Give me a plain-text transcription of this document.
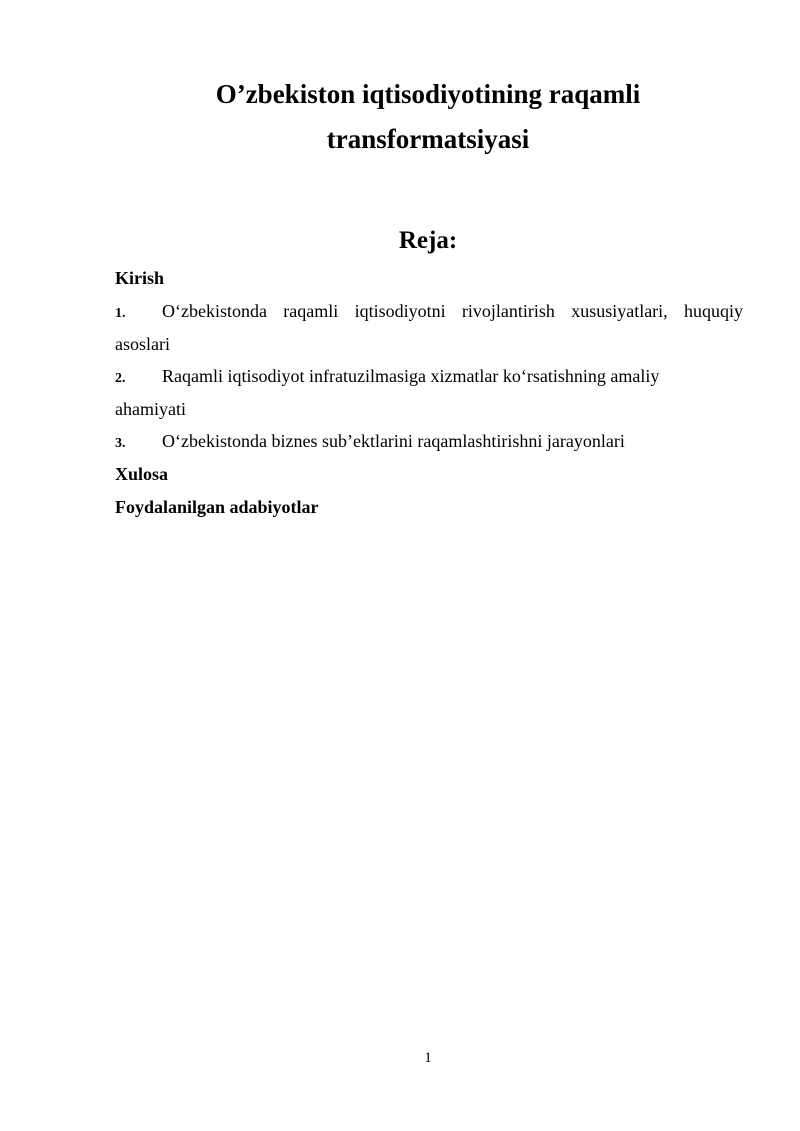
O’zbekiston iqtisodiyotining raqamli
transformatsiyasi
Reja:

Kirish

1.	O‘zbekistonda raqamli iqtisodiyotni rivojlantirish xususiyatlari, huquqiy

asoslari

2.	Raqamli iqtisodiyot infratuzilmasiga xizmatlar ko‘rsatishning amaliy

ahamiyati

3.	O‘zbekistonda biznes sub’ektlarini raqamlashtirishni jarayonlari

Xulosa

Foydalanilgan adabiyotlar

1
